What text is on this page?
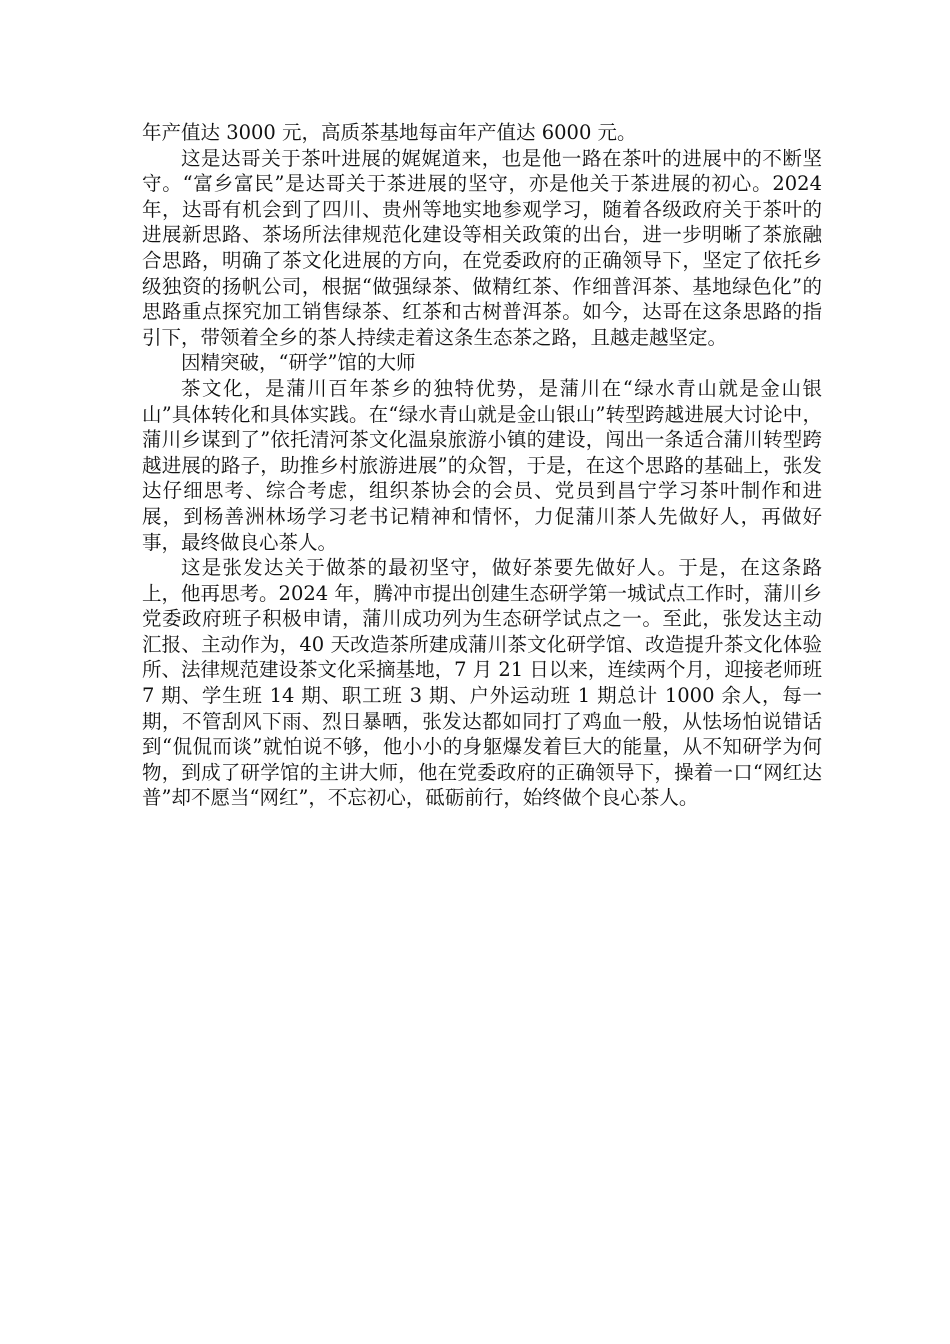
年产值达 3000 元，高质茶基地每亩年产值达 6000 元。

这是达哥关于茶叶进展的娓娓道来，也是他一路在茶叶的进展中的不断坚守。“富乡富民”是达哥关于茶进展的坚守，亦是他关于茶进展的初心。2024 年，达哥有机会到了四川、贵州等地实地参观学习，随着各级政府关于茶叶的进展新思路、茶场所法律规范化建设等相关政策的出台，进一步明晰了茶旅融合思路，明确了茶文化进展的方向，在党委政府的正确领导下，坚定了依托乡级独资的扬帆公司，根据“做强绿茶、做精红茶、作细普洱茶、基地绿色化”的思路重点探究加工销售绿茶、红茶和古树普洱茶。如今，达哥在这条思路的指引下，带领着全乡的茶人持续走着这条生态茶之路，且越走越坚定。

因精突破，“研学”馆的大师

茶文化，是蒲川百年茶乡的独特优势，是蒲川在“绿水青山就是金山银山”具体转化和具体实践。在“绿水青山就是金山银山”转型跨越进展大讨论中，蒲川乡谋到了”依托清河茶文化温泉旅游小镇的建设，闯出一条适合蒲川转型跨越进展的路子，助推乡村旅游进展”的众智，于是，在这个思路的基础上，张发达仔细思考、综合考虑，组织茶协会的会员、党员到昌宁学习茶叶制作和进展，到杨善洲林场学习老书记精神和情怀，力促蒲川茶人先做好人，再做好事，最终做良心茶人。

这是张发达关于做茶的最初坚守，做好茶要先做好人。于是，在这条路上，他再思考。2024 年，腾冲市提出创建生态研学第一城试点工作时，蒲川乡党委政府班子积极申请，蒲川成功列为生态研学试点之一。至此，张发达主动汇报、主动作为，40 天改造茶所建成蒲川茶文化研学馆、改造提升茶文化体验所、法律规范建设茶文化采摘基地，7 月 21 日以来，连续两个月，迎接老师班 7 期、学生班 14 期、职工班 3 期、户外运动班 1 期总计 1000 余人，每一期，不管刮风下雨、烈日暴晒，张发达都如同打了鸡血一般，从怯场怕说错话到“侃侃而谈”就怕说不够，他小小的身躯爆发着巨大的能量，从不知研学为何物，到成了研学馆的主讲大师，他在党委政府的正确领导下，操着一口“网红达普”却不愿当“网红”，不忘初心，砥砺前行，始终做个良心茶人。
